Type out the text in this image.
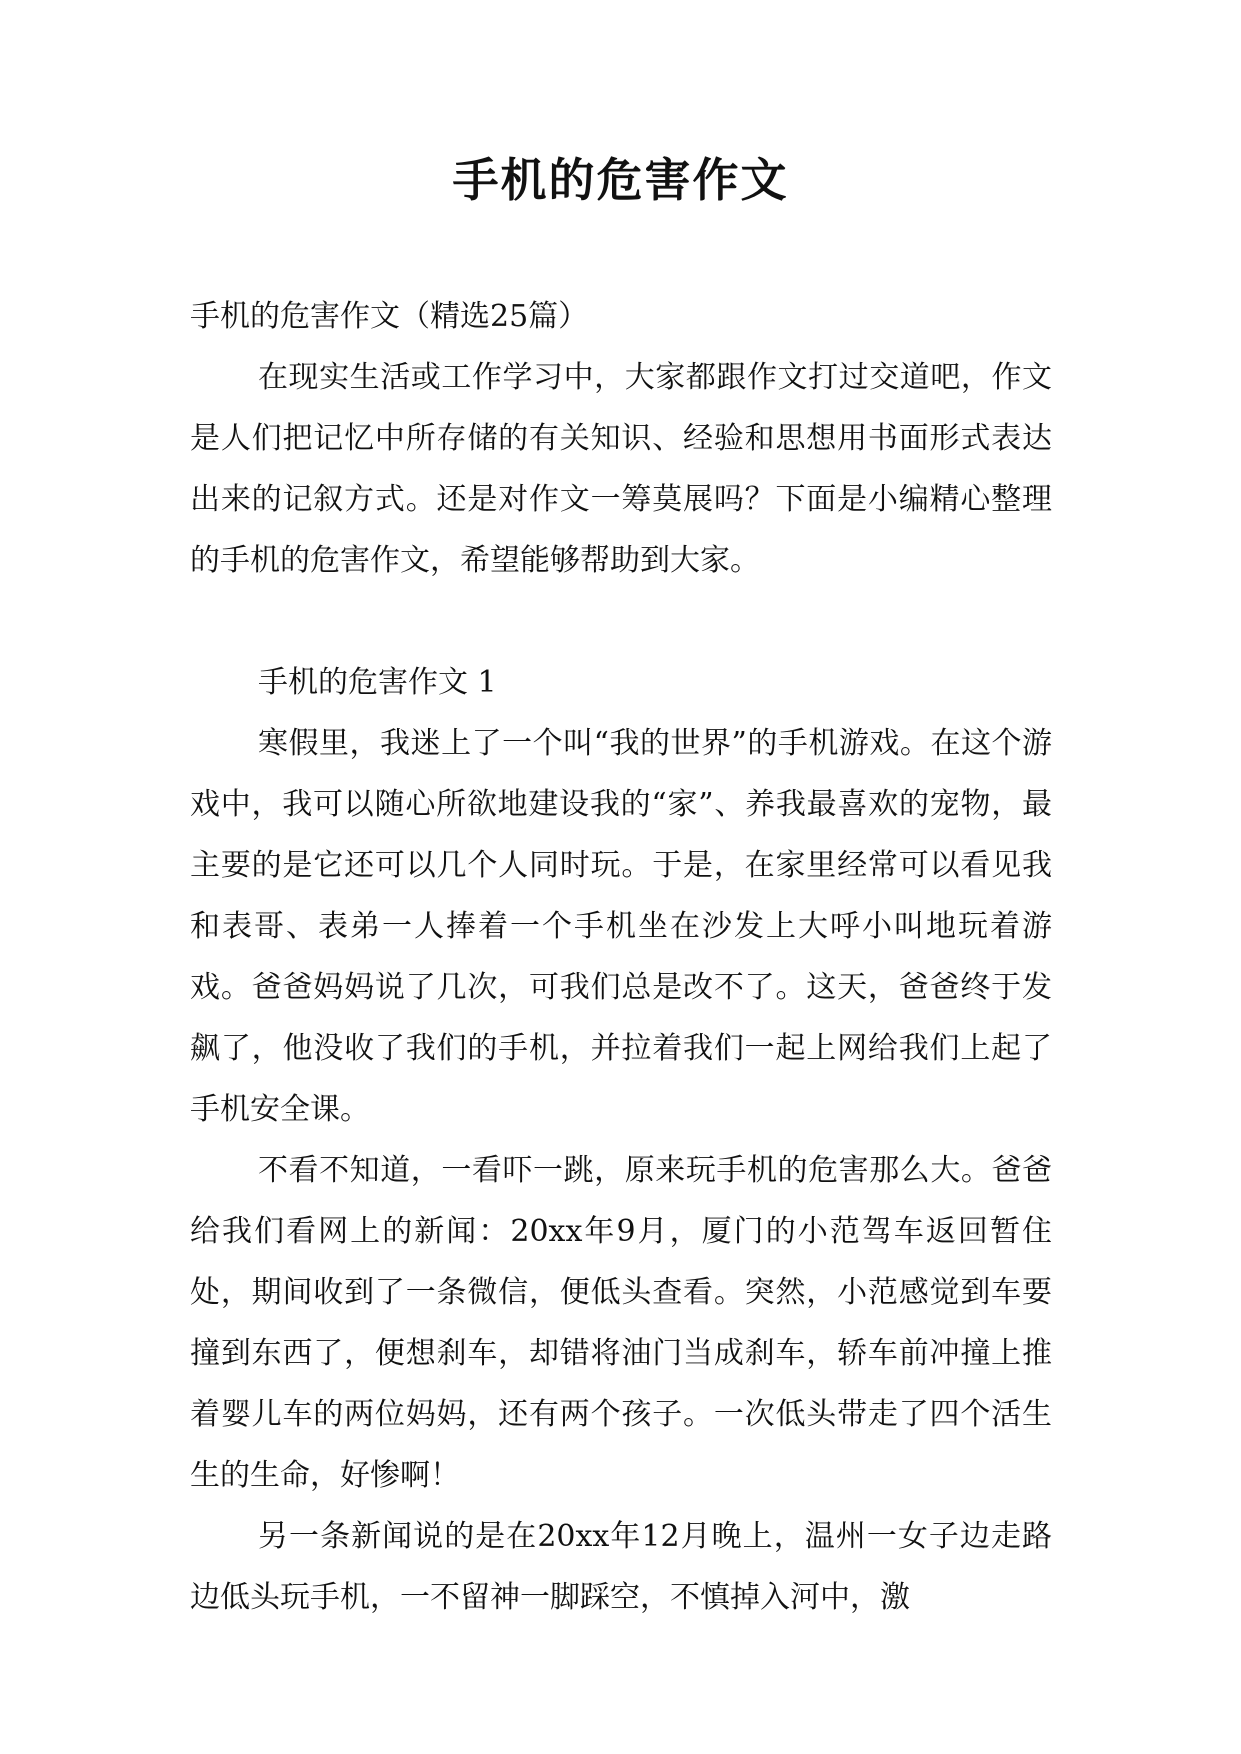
手机的危害作文

手机的危害作文（精选25篇）

在现实生活或工作学习中，大家都跟作文打过交道吧，作文是人们把记忆中所存储的有关知识、经验和思想用书面形式表达出来的记叙方式。还是对作文一筹莫展吗？下面是小编精心整理的手机的危害作文，希望能够帮助到大家。

手机的危害作文 1

寒假里，我迷上了一个叫“我的世界”的手机游戏。在这个游戏中，我可以随心所欲地建设我的“家”、养我最喜欢的宠物，最主要的是它还可以几个人同时玩。于是，在家里经常可以看见我和表哥、表弟一人捧着一个手机坐在沙发上大呼小叫地玩着游戏。爸爸妈妈说了几次，可我们总是改不了。这天，爸爸终于发飙了，他没收了我们的手机，并拉着我们一起上网给我们上起了手机安全课。

不看不知道，一看吓一跳，原来玩手机的危害那么大。爸爸给我们看网上的新闻：20xx年9月，厦门的小范驾车返回暂住处，期间收到了一条微信，便低头查看。突然，小范感觉到车要撞到东西了，便想刹车，却错将油门当成刹车，轿车前冲撞上推着婴儿车的两位妈妈，还有两个孩子。一次低头带走了四个活生生的生命，好惨啊！

另一条新闻说的是在20xx年12月晚上，温州一女子边走路边低头玩手机，一不留神一脚踩空，不慎掉入河中，激
